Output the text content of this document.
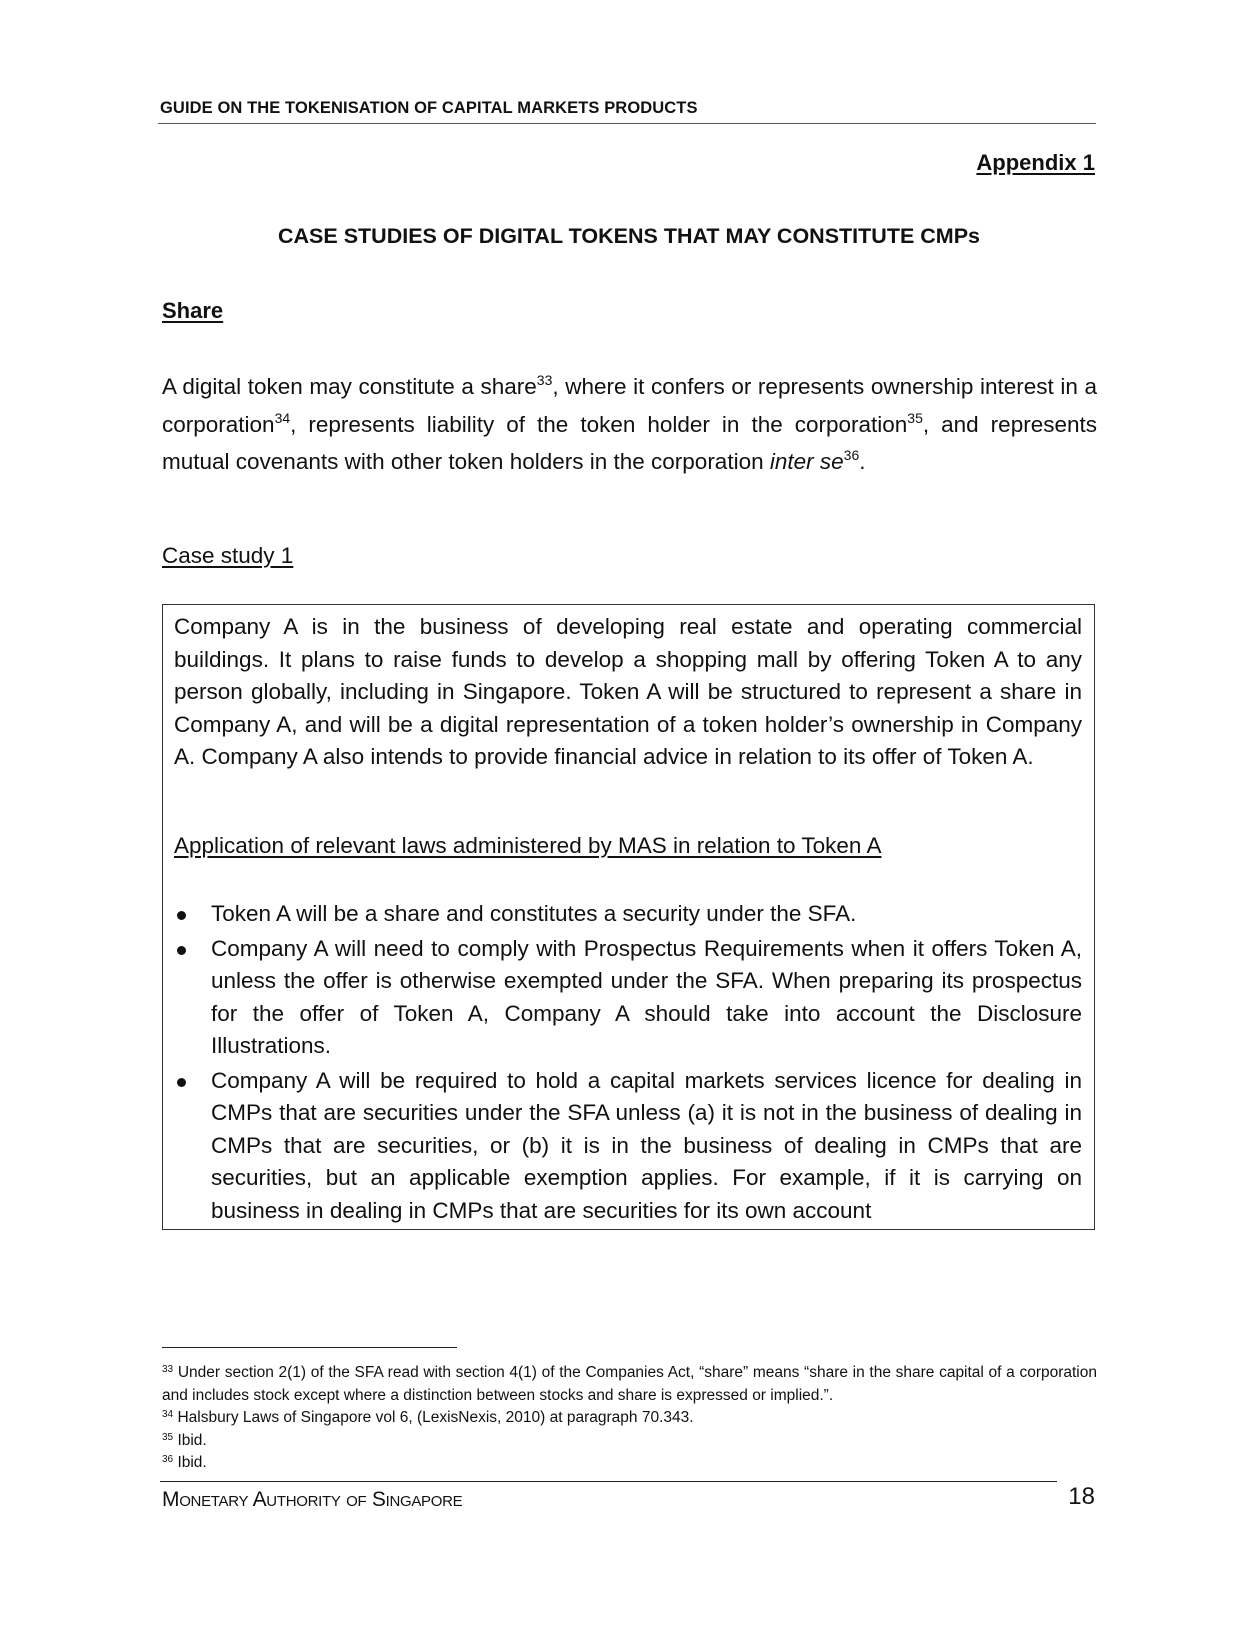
GUIDE ON THE TOKENISATION OF CAPITAL MARKETS PRODUCTS
Appendix 1
CASE STUDIES OF DIGITAL TOKENS THAT MAY CONSTITUTE CMPs
Share
A digital token may constitute a share$^{33}$, where it confers or represents ownership interest in a corporation$^{34}$, represents liability of the token holder in the corporation$^{35}$, and represents mutual covenants with other token holders in the corporation inter $se^{36}$.
Case study 1
Company A is in the business of developing real estate and operating commercial buildings. It plans to raise funds to develop a shopping mall by offering Token A to any person globally, including in Singapore. Token A will be structured to represent a share in Company A, and will be a digital representation of a token holder’s ownership in Company A. Company A also intends to provide financial advice in relation to its offer of Token A.
Application of relevant laws administered by MAS in relation to Token A
Token A will be a share and constitutes a security under the SFA.
Company A will need to comply with Prospectus Requirements when it offers Token A, unless the offer is otherwise exempted under the SFA. When preparing its prospectus for the offer of Token A, Company A should take into account the Disclosure Illustrations.
Company A will be required to hold a capital markets services licence for dealing in CMPs that are securities under the SFA unless (a) it is not in the business of dealing in CMPs that are securities, or (b) it is in the business of dealing in CMPs that are securities, but an applicable exemption applies. For example, if it is carrying on business in dealing in CMPs that are securities for its own account

$^{33}$ Under section 2(1) of the SFA read with section 4(1) of the Companies Act, “share” means “share in the share capital of a corporation and includes stock except where a distinction between stocks and share is expressed or implied.”.

$^{34}$ Halsbury Laws of Singapore vol 6, (LexisNexis, 2010) at paragraph 70.343.

$^{35}$ Ibid.

$^{36}$ Ibid.

Monetary Authority of Singapore	18
